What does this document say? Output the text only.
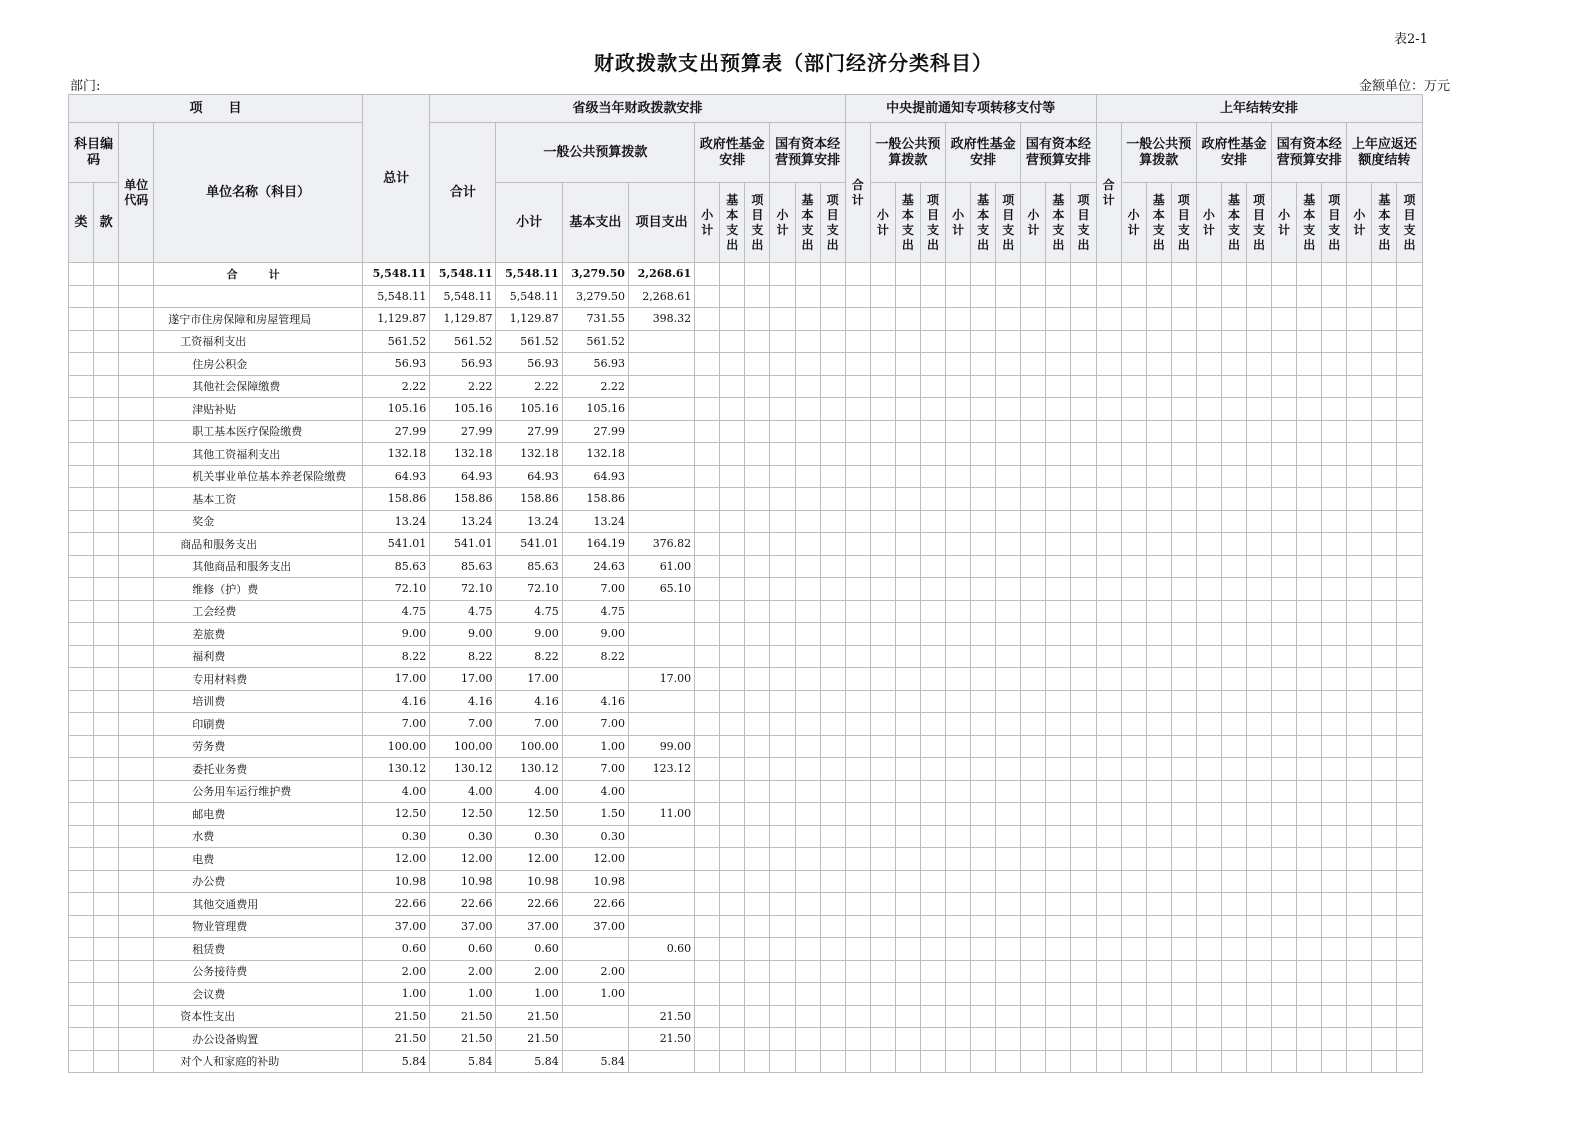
表2-1
财政拨款支出预算表（部门经济分类科目）
部门:	金额单位：万元
项　　目				总计	省级当年财政拨款安排										中央提前通知专项转移支付等										上年结转安排												
科目编码		单位代码	单位名称（科目）		合计	一般公共预算拨款			政府性基金安排			国有资本经营预算安排			合计	一般公共预算拨款			政府性基金安排			国有资本经营预算安排			合计	一般公共预算拨款			政府性基金安排			国有资本经营预算安排			上年应返还额度结转		
类	款					小计	基本支出	项目支出	小计	基本支出	项目支出	小计	基本支出	项目支出		小计	基本支出	项目支出	小计	基本支出	项目支出	小计	基本支出	项目支出		小计	基本支出	项目支出	小计	基本支出	项目支出	小计	基本支出	项目支出	小计	基本支出	项目支出
			合　计	5,548.11	5,548.11	5,548.11	3,279.50	2,268.61																													
				5,548.11	5,548.11	5,548.11	3,279.50	2,268.61																													
			遂宁市住房保障和房屋管理局	1,129.87	1,129.87	1,129.87	731.55	398.32																													
			工资福利支出	561.52	561.52	561.52	561.52																														
			住房公积金	56.93	56.93	56.93	56.93																														
			其他社会保障缴费	2.22	2.22	2.22	2.22																														
			津贴补贴	105.16	105.16	105.16	105.16																														
			职工基本医疗保险缴费	27.99	27.99	27.99	27.99																														
			其他工资福利支出	132.18	132.18	132.18	132.18																														
			机关事业单位基本养老保险缴费	64.93	64.93	64.93	64.93																														
			基本工资	158.86	158.86	158.86	158.86																														
			奖金	13.24	13.24	13.24	13.24																														
			商品和服务支出	541.01	541.01	541.01	164.19	376.82																													
			其他商品和服务支出	85.63	85.63	85.63	24.63	61.00																													
			维修（护）费	72.10	72.10	72.10	7.00	65.10																													
			工会经费	4.75	4.75	4.75	4.75																														
			差旅费	9.00	9.00	9.00	9.00																														
			福利费	8.22	8.22	8.22	8.22																														
			专用材料费	17.00	17.00	17.00		17.00																													
			培训费	4.16	4.16	4.16	4.16																														
			印刷费	7.00	7.00	7.00	7.00																														
			劳务费	100.00	100.00	100.00	1.00	99.00																													
			委托业务费	130.12	130.12	130.12	7.00	123.12																													
			公务用车运行维护费	4.00	4.00	4.00	4.00																														
			邮电费	12.50	12.50	12.50	1.50	11.00																													
			水费	0.30	0.30	0.30	0.30																														
			电费	12.00	12.00	12.00	12.00																														
			办公费	10.98	10.98	10.98	10.98																														
			其他交通费用	22.66	22.66	22.66	22.66																														
			物业管理费	37.00	37.00	37.00	37.00																														
			租赁费	0.60	0.60	0.60		0.60																													
			公务接待费	2.00	2.00	2.00	2.00																														
			会议费	1.00	1.00	1.00	1.00																														
			资本性支出	21.50	21.50	21.50		21.50																													
			办公设备购置	21.50	21.50	21.50		21.50																													
			对个人和家庭的补助	5.84	5.84	5.84	5.84																														
